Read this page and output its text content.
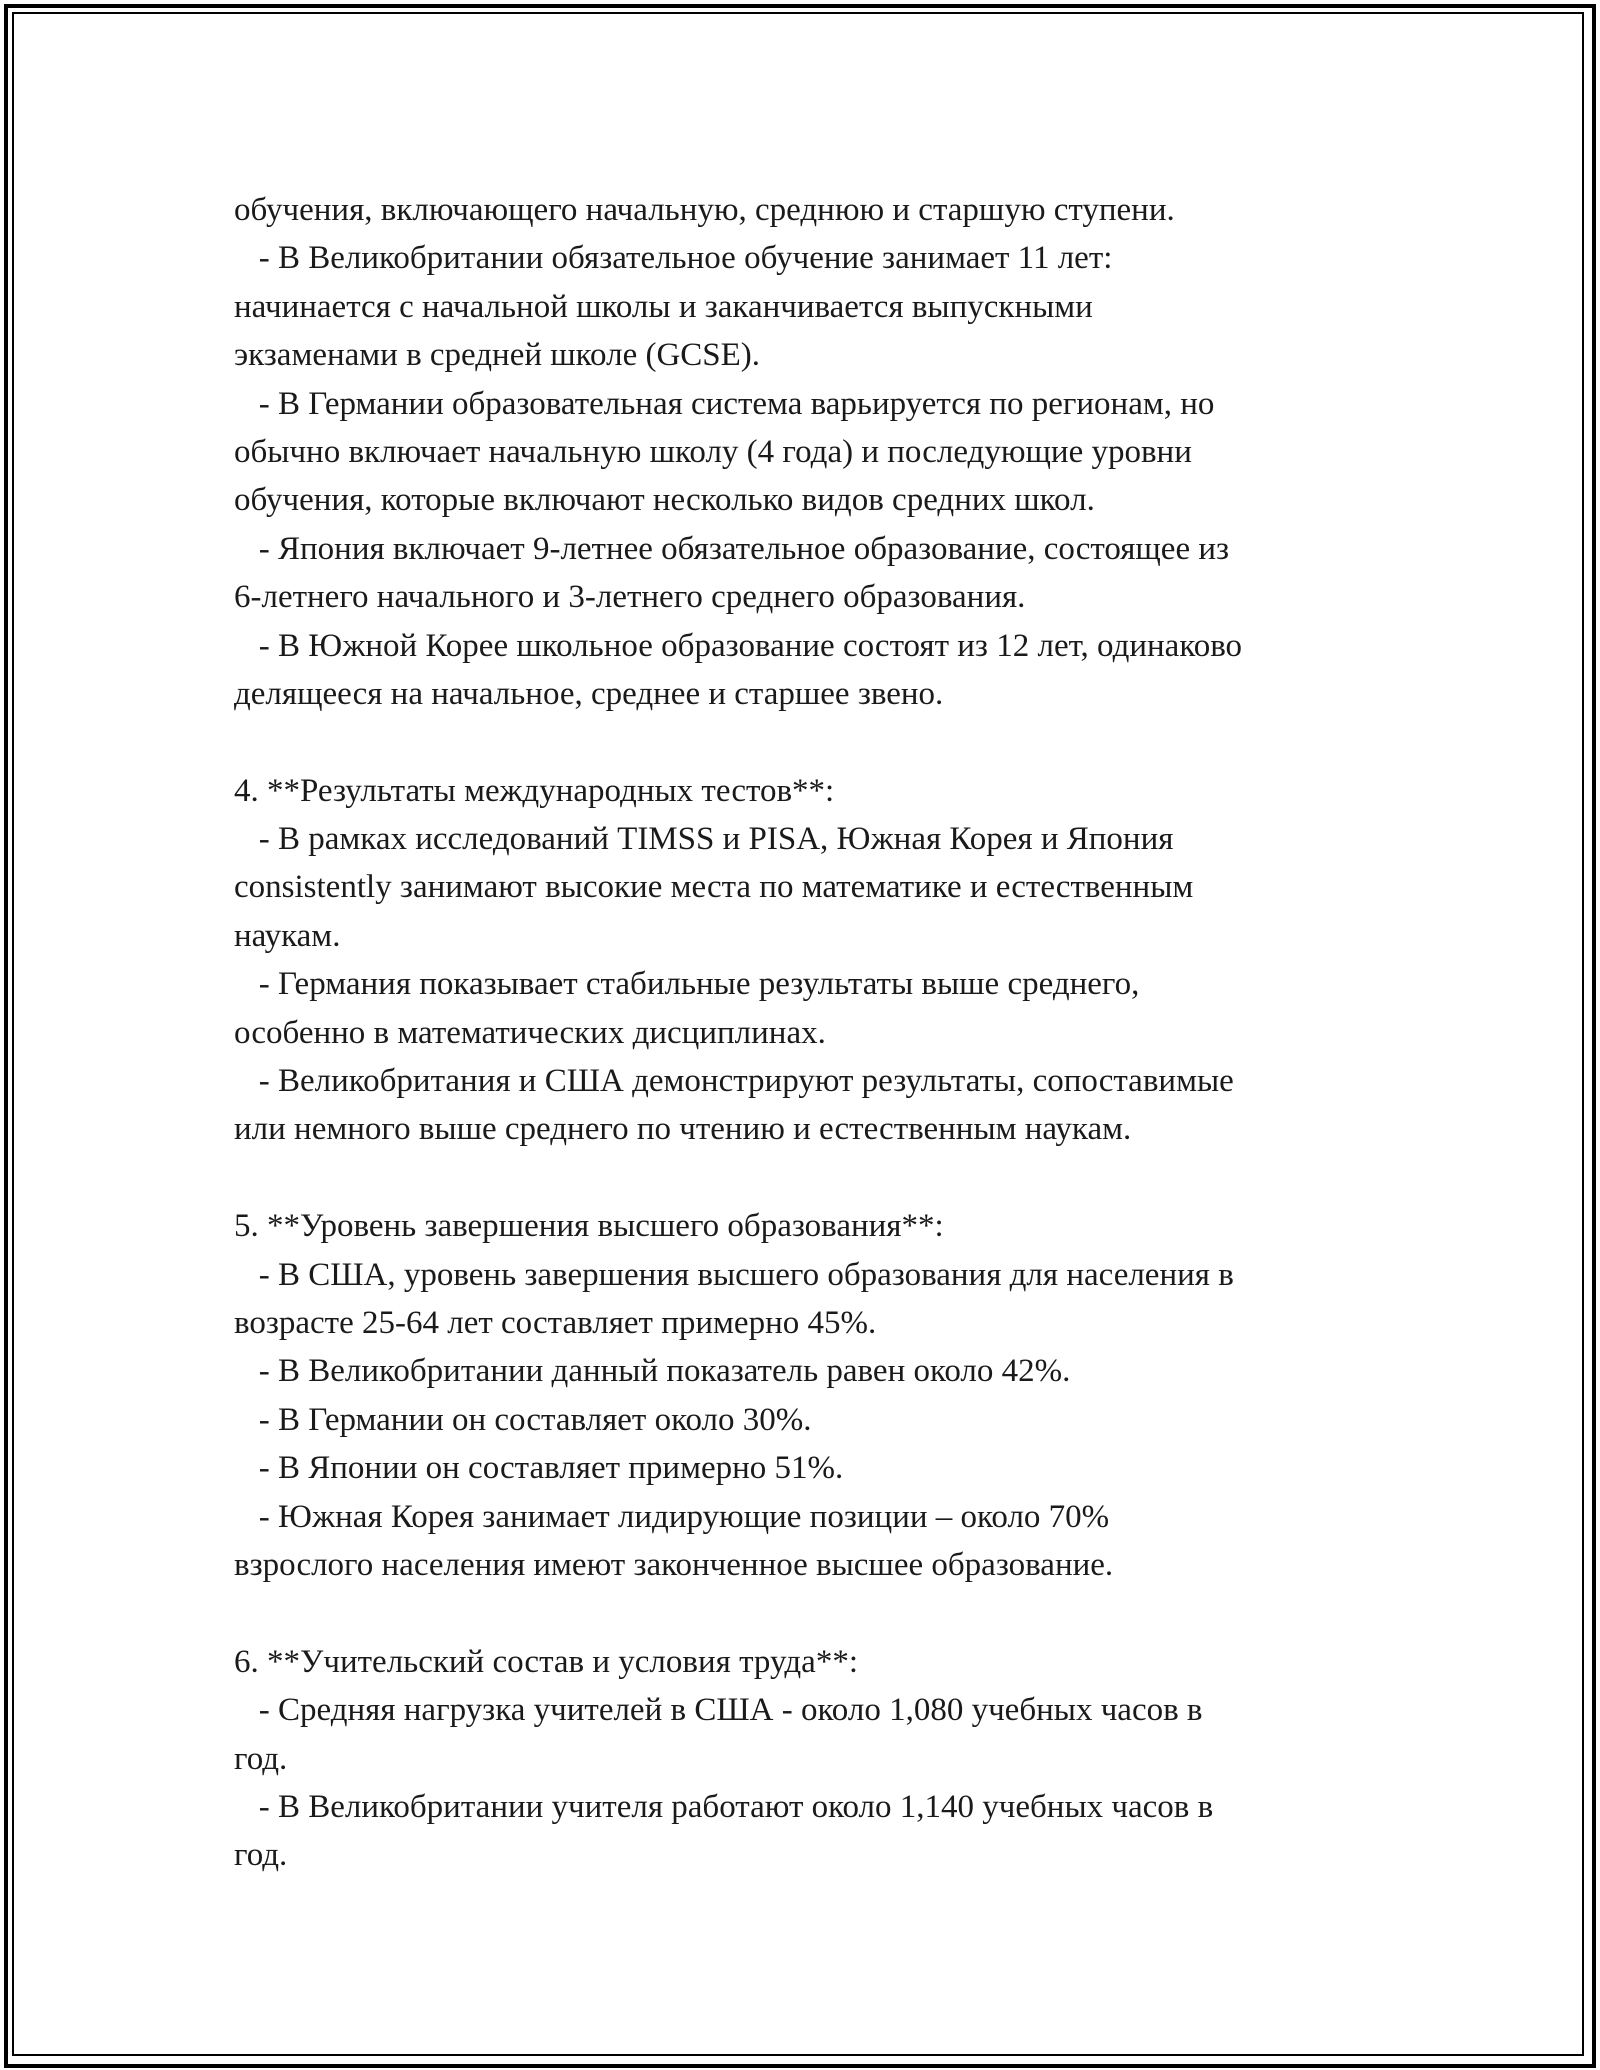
обучения, включающего начальную, среднюю и старшую ступени.
- В Великобритании обязательное обучение занимает 11 лет:
начинается с начальной школы и заканчивается выпускными
экзаменами в средней школе (GCSE).
- В Германии образовательная система варьируется по регионам, но
обычно включает начальную школу (4 года) и последующие уровни
обучения, которые включают несколько видов средних школ.
- Япония включает 9-летнее обязательное образование, состоящее из
6-летнего начального и 3-летнего среднего образования.
- В Южной Корее школьное образование состоят из 12 лет, одинаково
делящееся на начальное, среднее и старшее звено.
4. **Результаты международных тестов**:
- В рамках исследований TIMSS и PISA, Южная Корея и Япония
consistently занимают высокие места по математике и естественным
наукам.
- Германия показывает стабильные результаты выше среднего,
особенно в математических дисциплинах.
- Великобритания и США демонстрируют результаты, сопоставимые
или немного выше среднего по чтению и естественным наукам.
5. **Уровень завершения высшего образования**:
- В США, уровень завершения высшего образования для населения в
возрасте 25-64 лет составляет примерно 45%.
- В Великобритании данный показатель равен около 42%.
- В Германии он составляет около 30%.
- В Японии он составляет примерно 51%.
- Южная Корея занимает лидирующие позиции – около 70%
взрослого населения имеют законченное высшее образование.
6. **Учительский состав и условия труда**:
- Средняя нагрузка учителей в США - около 1,080 учебных часов в
год.
- В Великобритании учителя работают около 1,140 учебных часов в
год.
